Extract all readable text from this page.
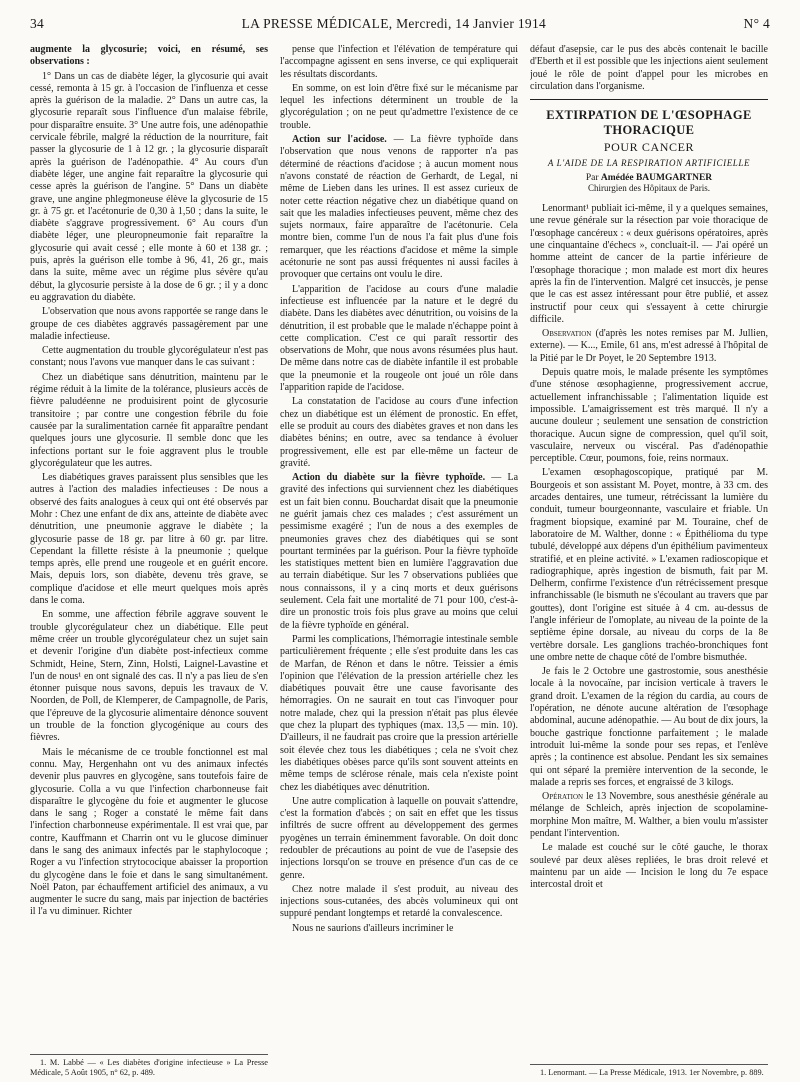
34	LA PRESSE MÉDICALE, Mercredi, 14 Janvier 1914	N° 4

augmente la glycosurie; voici, en résumé, ses observations :

1° Dans un cas de diabète léger, la glycosurie qui avait cessé, remonta à 15 gr. à l'occasion de l'influenza et cesse après la guérison de la maladie. 2° Dans un autre cas, la glycosurie reparaît sous l'influence d'un malaise fébrile, pour disparaître ensuite. 3° Une autre fois, une adénopathie cervicale fébrile, malgré la réduction de la nourriture, fait passer la glycosurie de 1 à 12 gr. ; la glycosurie disparaît après la guérison de l'adénopathie. 4° Au cours d'un diabète léger, une angine fait reparaître la glycosurie qui cesse après la guérison de l'angine. 5° Dans un diabète grave, une angine phlegmoneuse élève la glycosurie de 15 gr. à 75 gr. et l'acétonurie de 0,30 à 1,50 ; dans la suite, le diabète s'aggrave progressivement. 6° Au cours d'un diabète léger, une pleuropneumonie fait reparaître la glycosurie qui avait cessé ; elle monte à 60 et 138 gr. ; puis, après la guérison elle tombe à 96, 41, 26 gr., mais dans la suite, même avec un régime plus sévère qu'au début, la glycosurie persiste à la dose de 6 gr. ; il y a donc eu aggravation du diabète.

L'observation que nous avons rapportée se range dans le groupe de ces diabètes aggravés passagèrement par une maladie infectieuse.

Cette augmentation du trouble glycorégulateur n'est pas constant; nous l'avons vue manquer dans le cas suivant :

Chez un diabétique sans dénutrition, maintenu par le régime réduit à la limite de la tolérance, plusieurs accès de fièvre paludéenne ne produisirent point de glycosurie transitoire ; par contre une congestion fébrile du foie causée par la suralimentation carnée fit apparaître pendant quelques jours une glycosurie. Il semble donc que les infections portant sur le foie aggravent plus le trouble glycorégulateur que les autres.

Les diabétiques graves paraissent plus sensibles que les autres à l'action des maladies infectieuses : De nous a observé des faits analogues à ceux qui ont été observés par Mohr : Chez une enfant de dix ans, atteinte de diabète avec dénutrition, une pneumonie aggrave le diabète ; la glycosurie passe de 18 gr. par litre à 60 gr. par litre. Cependant la fillette résiste à la pneumonie ; quelque temps après, elle prend une rougeole et en guérit encore. Mais, depuis lors, son diabète, devenu très grave, se complique d'acidose et elle meurt quelques mois après dans le coma.

En somme, une affection fébrile aggrave souvent le trouble glycorégulateur chez un diabétique. Elle peut même créer un trouble glycorégulateur chez un sujet sain et devenir l'origine d'un diabète post-infectieux comme Schmidt, Heine, Stern, Zinn, Holsti, Laignel-Lavastine et l'un de nous¹ en ont signalé des cas. Il n'y a pas lieu de s'en étonner puisque nous savons, depuis les travaux de V. Noorden, de Poll, de Klemperer, de Campagnolle, de Paris, que l'épreuve de la glycosurie alimentaire dénonce souvent un trouble de la fonction glycogénique au cours des fièvres.

Mais le mécanisme de ce trouble fonctionnel est mal connu. May, Hergenhahn ont vu des animaux infectés devenir plus pauvres en glycogène, sans toutefois faire de glycosurie. Colla a vu que l'infection charbonneuse fait disparaître le glycogène du foie et augmenter le glucose dans le sang ; Roger a constaté le même fait dans l'infection charbonneuse expérimentale. Il est vrai que, par contre, Kauffmann et Charrin ont vu le glucose diminuer dans le sang des animaux infectés par le staphylocoque ; Roger a vu l'infection strytococique abaisser la proportion du glycogène dans le foie et dans le sang simultanément. Noël Paton, par échauffement artificiel des animaux, a vu augmenter le sucre du sang, mais par injection de bactéries il l'a vu diminuer. Richter

1. M. Labbé — « Les diabètes d'origine infectieuse » La Presse Médicale, 5 Août 1905, n° 62, p. 489.

pense que l'infection et l'élévation de température qui l'accompagne agissent en sens inverse, ce qui expliquerait les résultats discordants.

En somme, on est loin d'être fixé sur le mécanisme par lequel les infections déterminent un trouble de la glycorégulation ; on ne peut qu'admettre l'existence de ce trouble.

Action sur l'acidose. — La fièvre typhoïde dans l'observation que nous venons de rapporter n'a pas déterminé de réactions d'acidose ; à aucun moment nous n'avons constaté de réaction de Gerhardt, de Legal, ni même de Lieben dans les urines. Il est assez curieux de noter cette réaction négative chez un diabétique quand on sait que les maladies infectieuses peuvent, même chez des sujets normaux, faire apparaître de l'acétonurie. Cela montre bien, comme l'un de nous l'a fait plus d'une fois remarquer, que les réactions d'acidose et même la simple acétonurie ne sont pas aussi fréquentes ni aussi faciles à provoquer que certains ont voulu le dire.

L'apparition de l'acidose au cours d'une maladie infectieuse est influencée par la nature et le degré du diabète. Dans les diabètes avec dénutrition, ou voisins de la dénutrition, il est probable que le malade n'échappe point à cette complication. C'est ce qui paraît ressortir des observations de Mohr, que nous avons résumées plus haut. De même dans notre cas de diabète infantile il est probable que la pneumonie et la rougeole ont joué un rôle dans l'apparition rapide de l'acidose.

La constatation de l'acidose au cours d'une infection chez un diabétique est un élément de pronostic. En effet, elle se produit au cours des diabètes graves et non dans les diabètes bénins; en outre, avec sa tendance à évoluer progressivement, elle est par elle-même un facteur de gravité.

Action du diabète sur la fièvre typhoïde. — La gravité des infections qui surviennent chez les diabétiques est un fait bien connu. Bouchardat disait que la pneumonie ne guérit jamais chez ces malades ; c'est assurément un pessimisme exagéré ; l'un de nous a des exemples de pneumonies graves chez des diabétiques qui se sont pourtant terminées par la guérison. Pour la fièvre typhoïde les statistiques mettent bien en lumière l'aggravation due au terrain diabétique. Sur les 7 observations publiées que nous connaissons, il y a cinq morts et deux guérisons seulement. Cela fait une mortalité de 71 pour 100, c'est-à-dire un pronostic trois fois plus grave au moins que celui de la fièvre typhoïde en général.

Parmi les complications, l'hémorragie intestinale semble particulièrement fréquente ; elle s'est produite dans les cas de Marfan, de Rénon et dans le nôtre. Teissier a émis l'opinion que l'élévation de la pression artérielle chez les diabétiques pouvait être une cause favorisante des hémorragies. On ne saurait en tout cas l'invoquer pour notre malade, chez qui la pression n'était pas plus élevée que chez la plupart des typhiques (max. 13,5 — min. 10). D'ailleurs, il ne faudrait pas croire que la pression artérielle soit élevée chez tous les diabétiques ; cela ne s'voit chez les diabétiques obèses parce qu'ils sont souvent atteints en même temps de sclérose rénale, mais cela n'existe point chez les diabétiques avec dénutrition.

Une autre complication à laquelle on pouvait s'attendre, c'est la formation d'abcès ; on sait en effet que les tissus infiltrés de sucre offrent au développement des germes pyogènes un terrain éminemment favorable. On doit donc redoubler de précautions au point de vue de l'asepsie des injections lorsqu'on se trouve en présence d'un cas de ce genre.

Chez notre malade il s'est produit, au niveau des injections sous-cutanées, des abcès volumineux qui ont suppuré pendant longtemps et retardé la convalescence.

Nous ne saurions d'ailleurs incriminer le

défaut d'asepsie, car le pus des abcès contenait le bacille d'Eberth et il est possible que les injections aient seulement joué le rôle de point d'appel pour les microbes en circulation dans l'organisme.

EXTIRPATION DE L'ŒSOPHAGE THORACIQUE
POUR CANCER
A L'AIDE DE LA RESPIRATION ARTIFICIELLE
Par Amédée BAUMGARTNER
Chirurgien des Hôpitaux de Paris.

Lenormant¹ publiait ici-même, il y a quelques semaines, une revue générale sur la résection par voie thoracique de l'œsophage cancéreux : « deux guérisons opératoires, après une cinquantaine d'échecs », concluait-il. — J'ai opéré un homme atteint de cancer de la partie inférieure de l'œsophage thoracique ; mon malade est mort dix heures après la fin de l'intervention. Malgré cet insuccès, je pense que le cas est assez intéressant pour être publié, et assez instructif pour ceux qui s'essayent à cette chirurgie difficile.

Observation (d'après les notes remises par M. Jullien, externe). — K..., Emile, 61 ans, m'est adressé à l'hôpital de la Pitié par le Dr Poyet, le 20 Septembre 1913.

Depuis quatre mois, le malade présente les symptômes d'une sténose œsophagienne, progressivement accrue, actuellement infranchissable ; l'alimentation liquide est impossible. L'amaigrissement est très marqué. Il n'y a aucune douleur ; seulement une sensation de constriction thoracique. Aucun signe de compression, quel qu'il soit, vasculaire, nerveux ou viscéral. Pas d'adénopathie perceptible. Cœur, poumons, foie, reins normaux.

L'examen œsophagoscopique, pratiqué par M. Bourgeois et son assistant M. Poyet, montre, à 33 cm. des arcades dentaires, une tumeur, rétrécissant la lumière du conduit, tumeur bourgeonnante, vasculaire et friable. Un fragment biopsique, examiné par M. Touraine, chef de laboratoire de M. Walther, donne : « Épithélioma du type tubulé, développé aux dépens d'un épithélium pavimenteux stratifié, et en pleine activité. » L'examen radioscopique et radiographique, après ingestion de bismuth, fait par M. Delherm, confirme l'existence d'un rétrécissement presque infranchissable (le bismuth ne s'écoulant au travers que par gouttes), dont l'origine est située à 4 cm. au-dessus de l'angle inférieur de l'omoplate, au niveau de la pointe de la septième épine dorsale, au niveau du corps de la 8e vertèbre dorsale. Les ganglions trachéo-bronchiques font une ombre nette de chaque côté de l'ombre bismuthée.

Je fais le 2 Octobre une gastrostomie, sous anesthésie locale à la novocaïne, par incision verticale à travers le grand droit. L'examen de la région du cardia, au cours de l'opération, ne dénote aucune altération de l'œsophage abdominal, aucune adénopathie. — Au bout de dix jours, la bouche gastrique fonctionne parfaitement ; le malade introduit lui-même la sonde pour ses repas, et l'enlève après ; la continence est absolue. Pendant les six semaines qui ont séparé la première intervention de la seconde, le malade a repris ses forces, et engraissé de 3 kilogs.

Opération le 13 Novembre, sous anesthésie générale au mélange de Schleich, après injection de scopolamine-morphine Mon maître, M. Walther, a bien voulu m'assister pendant l'intervention.

Le malade est couché sur le côté gauche, le thorax soulevé par deux alèses repliées, le bras droit relevé et maintenu par un aide — Incision le long du 7e espace intercostal droit et

1. Lenormant. — La Presse Médicale, 1913. 1er Novembre, p. 889.
